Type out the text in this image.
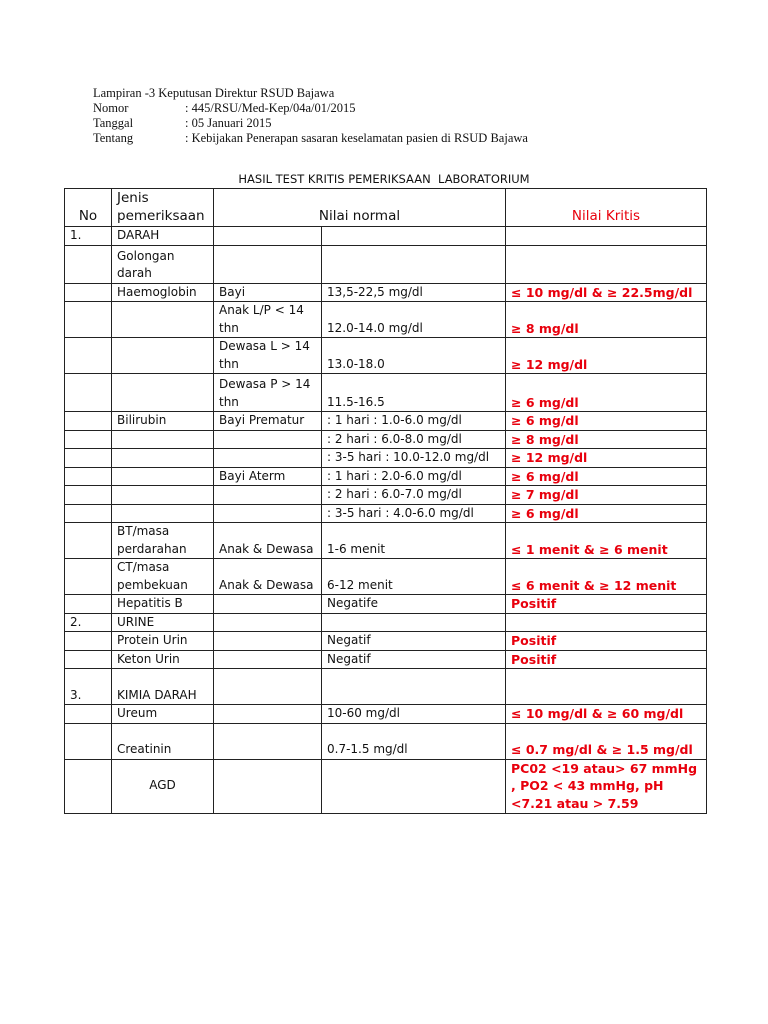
Lampiran -3 Keputusan Direktur RSUD Bajawa
Nomor	: 445/RSU/Med-Kep/04a/01/2015
Tanggal	: 05 Januari 2015
Tentang	: Kebijakan Penerapan sasaran keselamatan pasien di RSUD Bajawa
HASIL TEST KRITIS PEMERIKSAAN  LABORATORIUM
No	Jenis pemeriksaan	Nilai normal		Nilai Kritis
1.	DARAH			
	Golongan darah			
	Haemoglobin	Bayi	13,5-22,5 mg/dl	≤ 10 mg/dl & ≥ 22.5mg/dl
		Anak L/P < 14 thn	12.0-14.0 mg/dl	≥ 8 mg/dl
		Dewasa L > 14 thn	13.0-18.0	≥ 12 mg/dl
		Dewasa P > 14 thn	11.5-16.5	≥ 6 mg/dl
	Bilirubin	Bayi Prematur	: 1 hari : 1.0-6.0 mg/dl	≥ 6 mg/dl
			: 2 hari : 6.0-8.0 mg/dl	≥ 8 mg/dl
			: 3-5 hari : 10.0-12.0 mg/dl	≥ 12 mg/dl
		Bayi Aterm	: 1 hari : 2.0-6.0 mg/dl	≥ 6 mg/dl
			: 2 hari : 6.0-7.0 mg/dl	≥ 7 mg/dl
			: 3-5 hari : 4.0-6.0 mg/dl	≥ 6 mg/dl
	BT/masa perdarahan	Anak & Dewasa	1-6 menit	≤ 1 menit & ≥ 6 menit
	CT/masa pembekuan	Anak & Dewasa	6-12 menit	≤ 6 menit & ≥ 12 menit
	Hepatitis B		Negatife	Positif
2.	URINE			
	Protein Urin		Negatif	Positif
	Keton Urin		Negatif	Positif
3.	KIMIA DARAH			
	Ureum		10-60 mg/dl	≤ 10 mg/dl & ≥ 60 mg/dl
	Creatinin		0.7-1.5 mg/dl	≤ 0.7 mg/dl & ≥ 1.5 mg/dl
	AGD			PC02 <19 atau> 67 mmHg , PO2 < 43 mmHg, pH <7.21 atau > 7.59
